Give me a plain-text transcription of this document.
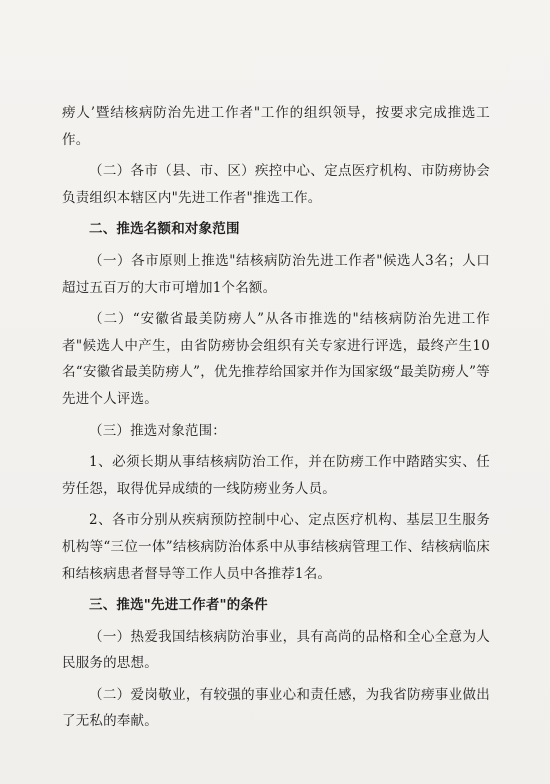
痨人’暨结核病防治先进工作者"工作的组织领导，按要求完成推选工作。

（二）各市（县、市、区）疾控中心、定点医疗机构、市防痨协会负责组织本辖区内"先进工作者"推选工作。

二、推选名额和对象范围

（一）各市原则上推选"结核病防治先进工作者"候选人3名；人口超过五百万的大市可增加1个名额。

（二）“安徽省最美防痨人”从各市推选的"结核病防治先进工作者"候选人中产生，由省防痨协会组织有关专家进行评选，最终产生10名“安徽省最美防痨人”，优先推荐给国家并作为国家级“最美防痨人”等先进个人评选。

（三）推选对象范围：

1、必须长期从事结核病防治工作，并在防痨工作中踏踏实实、任劳任怨，取得优异成绩的一线防痨业务人员。

2、各市分别从疾病预防控制中心、定点医疗机构、基层卫生服务机构等“三位一体”结核病防治体系中从事结核病管理工作、结核病临床和结核病患者督导等工作人员中各推荐1名。

三、推选"先进工作者"的条件

（一）热爱我国结核病防治事业，具有高尚的品格和全心全意为人民服务的思想。

（二）爱岗敬业，有较强的事业心和责任感，为我省防痨事业做出了无私的奉献。
